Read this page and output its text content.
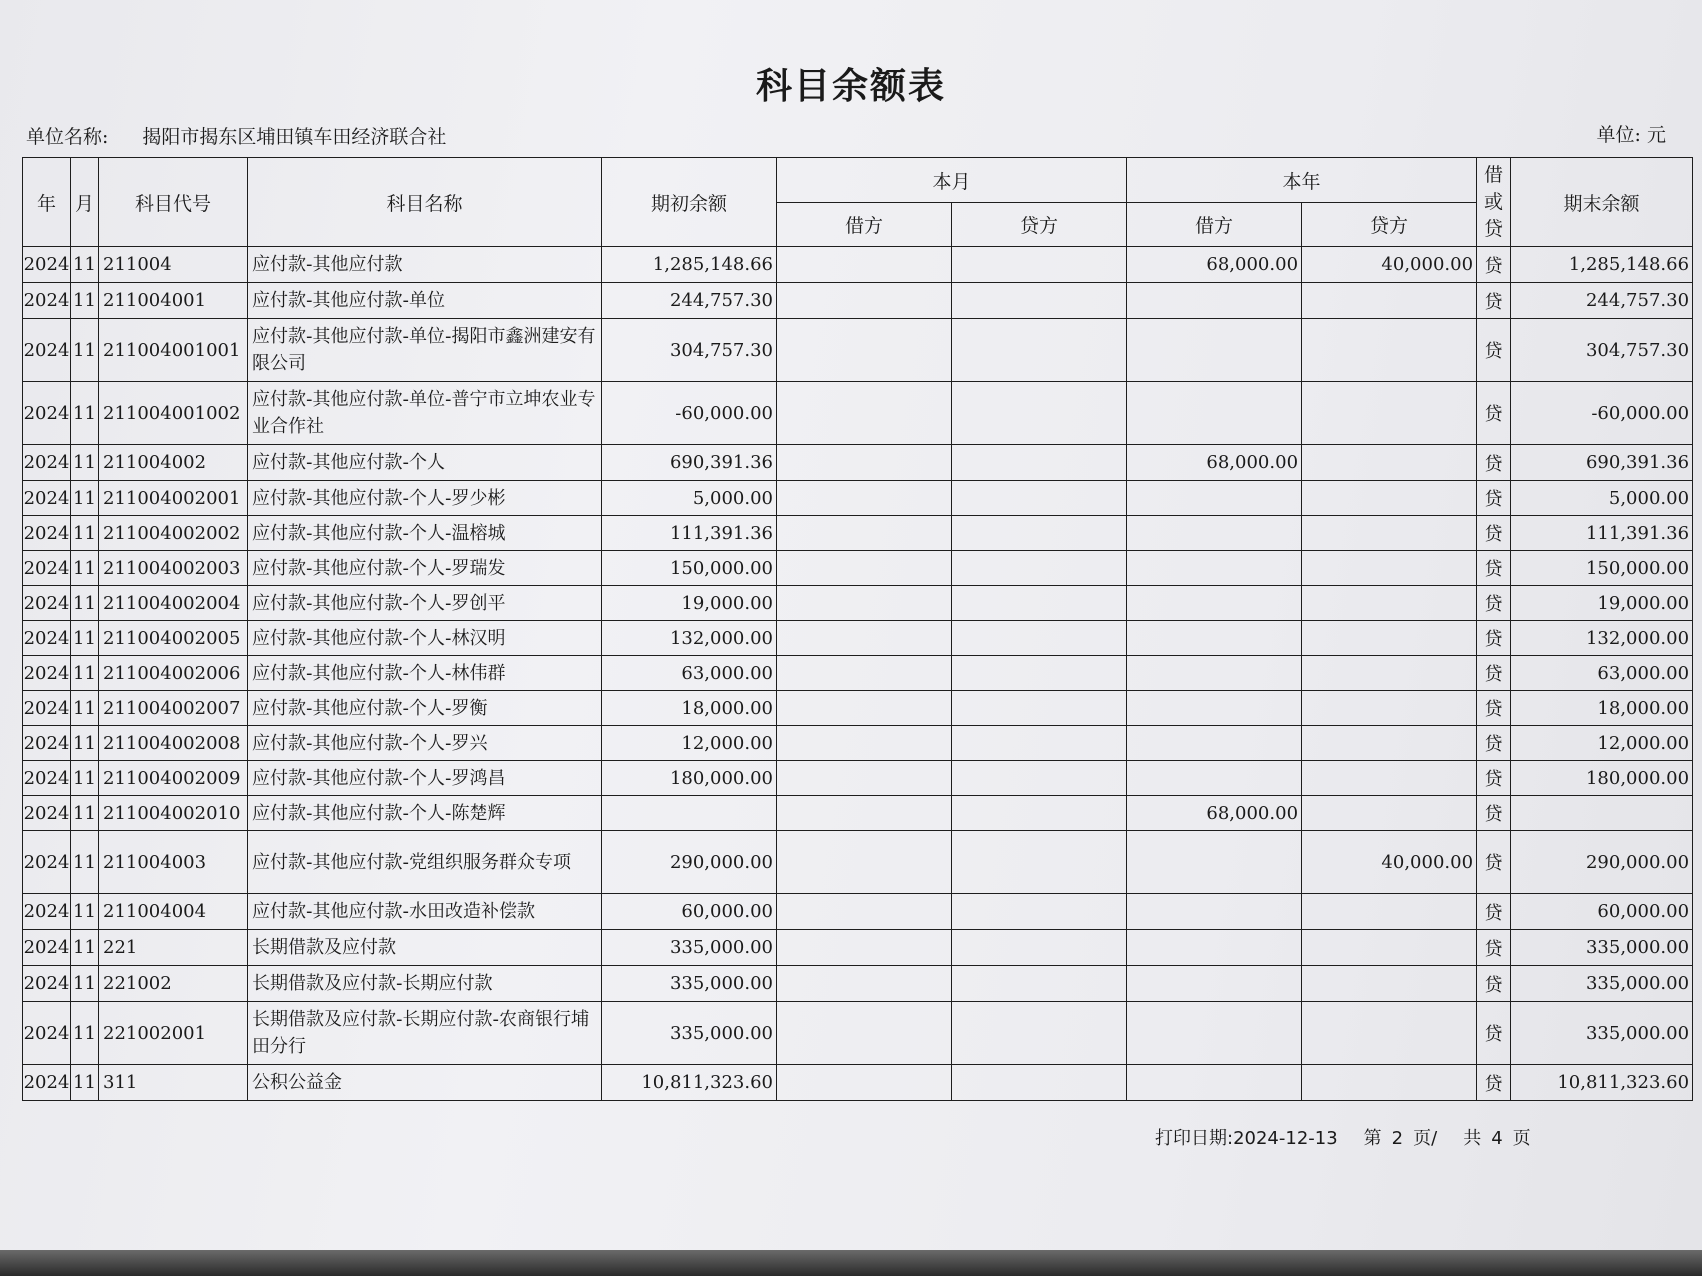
科目余额表
单位名称: 揭阳市揭东区埔田镇车田经济联合社	单位: 元
年	月	科目代号	科目名称	期初余额	本月		本年		借或贷	期末余额
					借方	贷方	借方	贷方		
2024	11	211004	应付款-其他应付款	1,285,148.66			68,000.00	40,000.00	贷	1,285,148.66
2024	11	211004001	应付款-其他应付款-单位	244,757.30					贷	244,757.30
2024	11	211004001001	应付款-其他应付款-单位-揭阳市鑫洲建安有限公司	304,757.30					贷	304,757.30
2024	11	211004001002	应付款-其他应付款-单位-普宁市立坤农业专业合作社	-60,000.00					贷	-60,000.00
2024	11	211004002	应付款-其他应付款-个人	690,391.36			68,000.00		贷	690,391.36
2024	11	211004002001	应付款-其他应付款-个人-罗少彬	5,000.00					贷	5,000.00
2024	11	211004002002	应付款-其他应付款-个人-温榕城	111,391.36					贷	111,391.36
2024	11	211004002003	应付款-其他应付款-个人-罗瑞发	150,000.00					贷	150,000.00
2024	11	211004002004	应付款-其他应付款-个人-罗创平	19,000.00					贷	19,000.00
2024	11	211004002005	应付款-其他应付款-个人-林汉明	132,000.00					贷	132,000.00
2024	11	211004002006	应付款-其他应付款-个人-林伟群	63,000.00					贷	63,000.00
2024	11	211004002007	应付款-其他应付款-个人-罗衡	18,000.00					贷	18,000.00
2024	11	211004002008	应付款-其他应付款-个人-罗兴	12,000.00					贷	12,000.00
2024	11	211004002009	应付款-其他应付款-个人-罗鸿昌	180,000.00					贷	180,000.00
2024	11	211004002010	应付款-其他应付款-个人-陈楚辉				68,000.00		贷	
2024	11	211004003	应付款-其他应付款-党组织服务群众专项	290,000.00				40,000.00	贷	290,000.00
2024	11	211004004	应付款-其他应付款-水田改造补偿款	60,000.00					贷	60,000.00
2024	11	221	长期借款及应付款	335,000.00					贷	335,000.00
2024	11	221002	长期借款及应付款-长期应付款	335,000.00					贷	335,000.00
2024	11	221002001	长期借款及应付款-长期应付款-农商银行埔田分行	335,000.00					贷	335,000.00
2024	11	311	公积公益金	10,811,323.60					贷	10,811,323.60
打印日期:2024-12-13 第 2 页/ 共 4 页
